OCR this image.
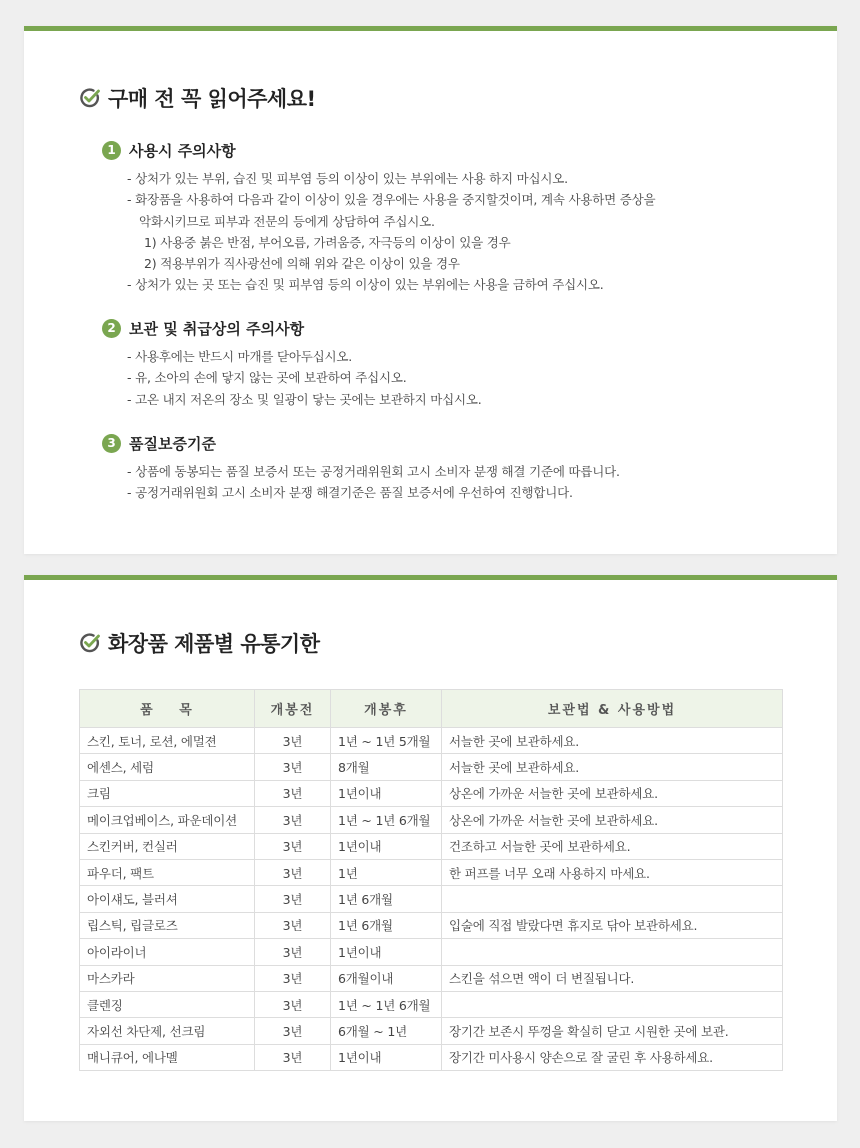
구매 전 꼭 읽어주세요!
1 사용시 주의사항
- 상처가 있는 부위, 습진 및 피부염 등의 이상이 있는 부위에는 사용 하지 마십시오.
- 화장품을 사용하여 다음과 같이 이상이 있을 경우에는 사용을 중지할것이며, 계속 사용하면 증상을
악화시키므로 피부과 전문의 등에게 상담하여 주십시오.
1) 사용중 붉은 반점, 부어오름, 가려움증, 자극등의 이상이 있을 경우
2) 적용부위가 직사광선에 의해 위와 같은 이상이 있을 경우
- 상처가 있는 곳 또는 습진 및 피부염 등의 이상이 있는 부위에는 사용을 금하여 주십시오.
2 보관 및 취급상의 주의사항
- 사용후에는 반드시 마개를 닫아두십시오.
- 유, 소아의 손에 닿지 않는 곳에 보관하여 주십시오.
- 고온 내지 저온의 장소 및 일광이 닿는 곳에는 보관하지 마십시오.
3 품질보증기준
- 상품에 동봉되는 품질 보증서 또는 공정거래위원회 고시 소비자 분쟁 해결 기준에 따릅니다.
- 공정거래위원회 고시 소비자 분쟁 해결기준은 품질 보증서에 우선하여 진행합니다.
화장품 제품별 유통기한
품 목	개봉전	개봉후	보관법 & 사용방법
스킨, 토너, 로션, 에멀젼	3년	1년 ~ 1년 5개월	서늘한 곳에 보관하세요.
에센스, 세럼	3년	8개월	서늘한 곳에 보관하세요.
크림	3년	1년이내	상온에 가까운 서늘한 곳에 보관하세요.
메이크업베이스, 파운데이션	3년	1년 ~ 1년 6개월	상온에 가까운 서늘한 곳에 보관하세요.
스킨커버, 컨실러	3년	1년이내	건조하고 서늘한 곳에 보관하세요.
파우더, 팩트	3년	1년	한 퍼프를 너무 오래 사용하지 마세요.
아이섀도, 블러셔	3년	1년 6개월	
립스틱, 립글로즈	3년	1년 6개월	입술에 직접 발랐다면 휴지로 닦아 보관하세요.
아이라이너	3년	1년이내	
마스카라	3년	6개월이내	스킨을 섞으면 액이 더 변질됩니다.
클렌징	3년	1년 ~ 1년 6개월	
자외선 차단제, 선크림	3년	6개월 ~ 1년	장기간 보존시 뚜껑을 확실히 닫고 시원한 곳에 보관.
매니큐어, 에나멜	3년	1년이내	장기간 미사용시 양손으로 잘 굴린 후 사용하세요.
